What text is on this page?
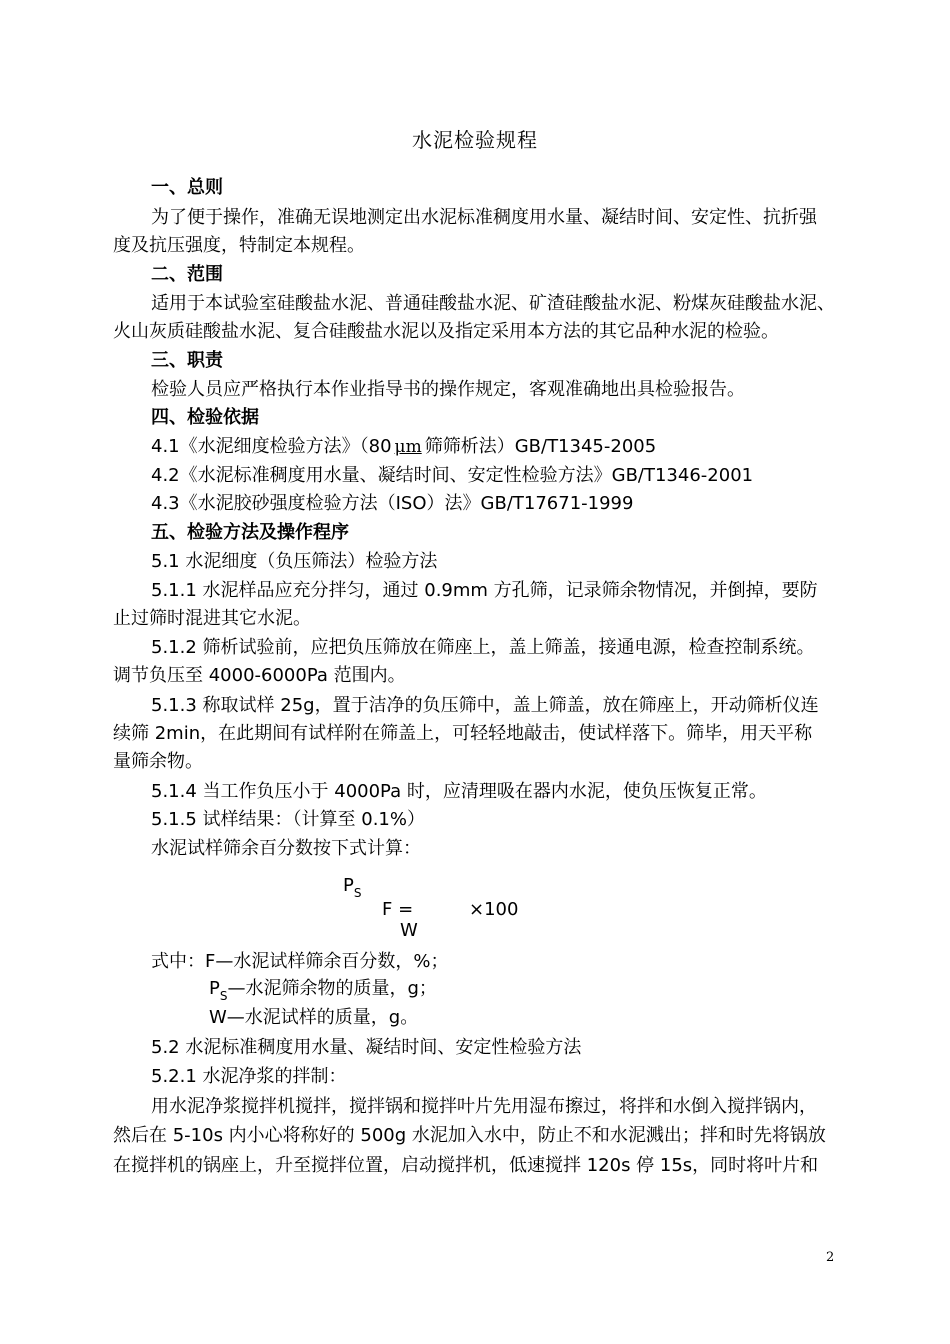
水泥检验规程
一、总则
为了便于操作，准确无误地测定出水泥标准稠度用水量、凝结时间、安定性、抗折强
度及抗压强度，特制定本规程。
二、范围
适用于本试验室硅酸盐水泥、普通硅酸盐水泥、矿渣硅酸盐水泥、粉煤灰硅酸盐水泥、
火山灰质硅酸盐水泥、复合硅酸盐水泥以及指定采用本方法的其它品种水泥的检验。
三、职责
检验人员应严格执行本作业指导书的操作规定，客观准确地出具检验报告。
四、检验依据
4.1《水泥细度检验方法》（80 μm 筛筛析法）GB/T1345-2005
4.2《水泥标准稠度用水量、凝结时间、安定性检验方法》GB/T1346-2001
4.3《水泥胶砂强度检验方法（ISO）法》GB/T17671-1999
五、检验方法及操作程序
5.1 水泥细度（负压筛法）检验方法
5.1.1 水泥样品应充分拌匀，通过 0.9mm 方孔筛，记录筛余物情况，并倒掉，要防
止过筛时混进其它水泥。
5.1.2 筛析试验前，应把负压筛放在筛座上，盖上筛盖，接通电源，检查控制系统。
调节负压至 4000-6000Pa 范围内。
5.1.3 称取试样 25g，置于洁净的负压筛中，盖上筛盖，放在筛座上，开动筛析仪连
续筛 2min，在此期间有试样附在筛盖上，可轻轻地敲击，使试样落下。筛毕，用天平称
量筛余物。
5.1.4 当工作负压小于 4000Pa 时，应清理吸在器内水泥，使负压恢复正常。
5.1.5 试样结果：（计算至 0.1%）
水泥试样筛余百分数按下式计算：
$P_S$
F =	×100
W
式中：F—水泥试样筛余百分数，%；
$P_S—$水泥筛余物的质量，g；
W—水泥试样的质量，g。
5.2 水泥标准稠度用水量、凝结时间、安定性检验方法
5.2.1 水泥净浆的拌制：
用水泥净浆搅拌机搅拌，搅拌锅和搅拌叶片先用湿布擦过，将拌和水倒入搅拌锅内，
然后在 5-10s 内小心将称好的 500g 水泥加入水中，防止不和水泥溅出；拌和时先将锅放
在搅拌机的锅座上，升至搅拌位置，启动搅拌机，低速搅拌 120s 停 15s，同时将叶片和
2
